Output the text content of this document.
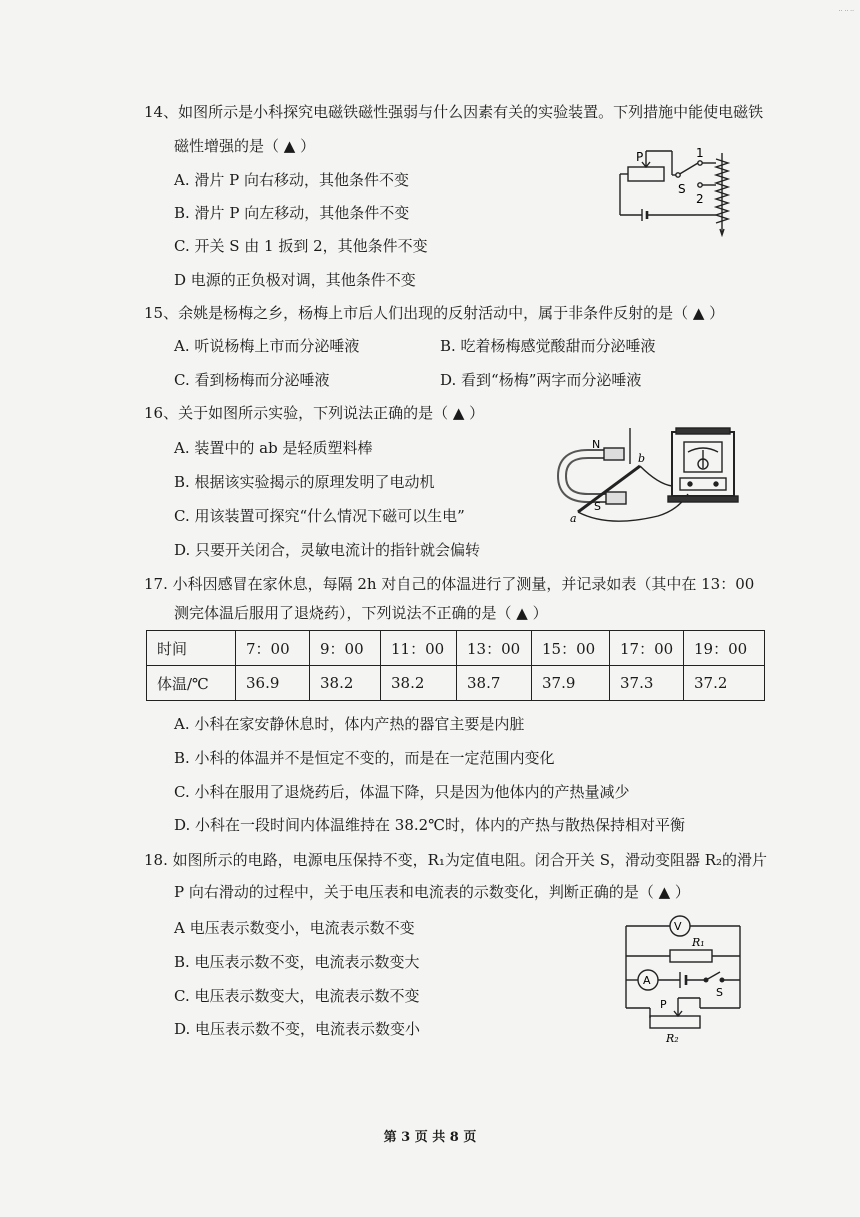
·· ·· ··
14、如图所示是小科探究电磁铁磁性强弱与什么因素有关的实验装置。下列措施中能使电磁铁
磁性增强的是（ ▲ ）
A. 滑片 P 向右移动，其他条件不变
B. 滑片 P 向左移动，其他条件不变
C. 开关 S 由 1 扳到 2，其他条件不变
D 电源的正负极对调，其他条件不变
P
S
1
2
15、余姚是杨梅之乡，杨梅上市后人们出现的反射活动中，属于非条件反射的是（ ▲ ）
A. 听说杨梅上市而分泌唾液	B. 吃着杨梅感觉酸甜而分泌唾液
C. 看到杨梅而分泌唾液	D. 看到“杨梅”两字而分泌唾液
16、关于如图所示实验，下列说法正确的是（ ▲ ）
A. 装置中的 ab 是轻质塑料棒
B. 根据该实验揭示的原理发明了电动机
C. 用该装置可探究“什么情况下磁可以生电”
D. 只要开关闭合，灵敏电流计的指针就会偏转
N
S
a
b
17. 小科因感冒在家休息，每隔 2h 对自己的体温进行了测量，并记录如表（其中在 13：00
测完体温后服用了退烧药），下列说法不正确的是（ ▲ ）
时间	7：00	9：00	11：00	13：00	15：00	17：00	19：00
体温/℃	36.9	38.2	38.2	38.7	37.9	37.3	37.2
A. 小科在家安静休息时，体内产热的器官主要是内脏
B. 小科的体温并不是恒定不变的，而是在一定范围内变化
C. 小科在服用了退烧药后，体温下降，只是因为他体内的产热量减少
D. 小科在一段时间内体温维持在 38.2℃时，体内的产热与散热保持相对平衡
18. 如图所示的电路，电源电压保持不变，R₁为定值电阻。闭合开关 S，滑动变阻器 R₂的滑片
P 向右滑动的过程中，关于电压表和电流表的示数变化，判断正确的是（ ▲ ）
A 电压表示数变小，电流表示数不变
B. 电压表示数不变，电流表示数变大
C. 电压表示数变大，电流表示数不变
D. 电压表示数不变，电流表示数变小
V
A
R₁
S
P
R₂
第 3 页 共 8 页
